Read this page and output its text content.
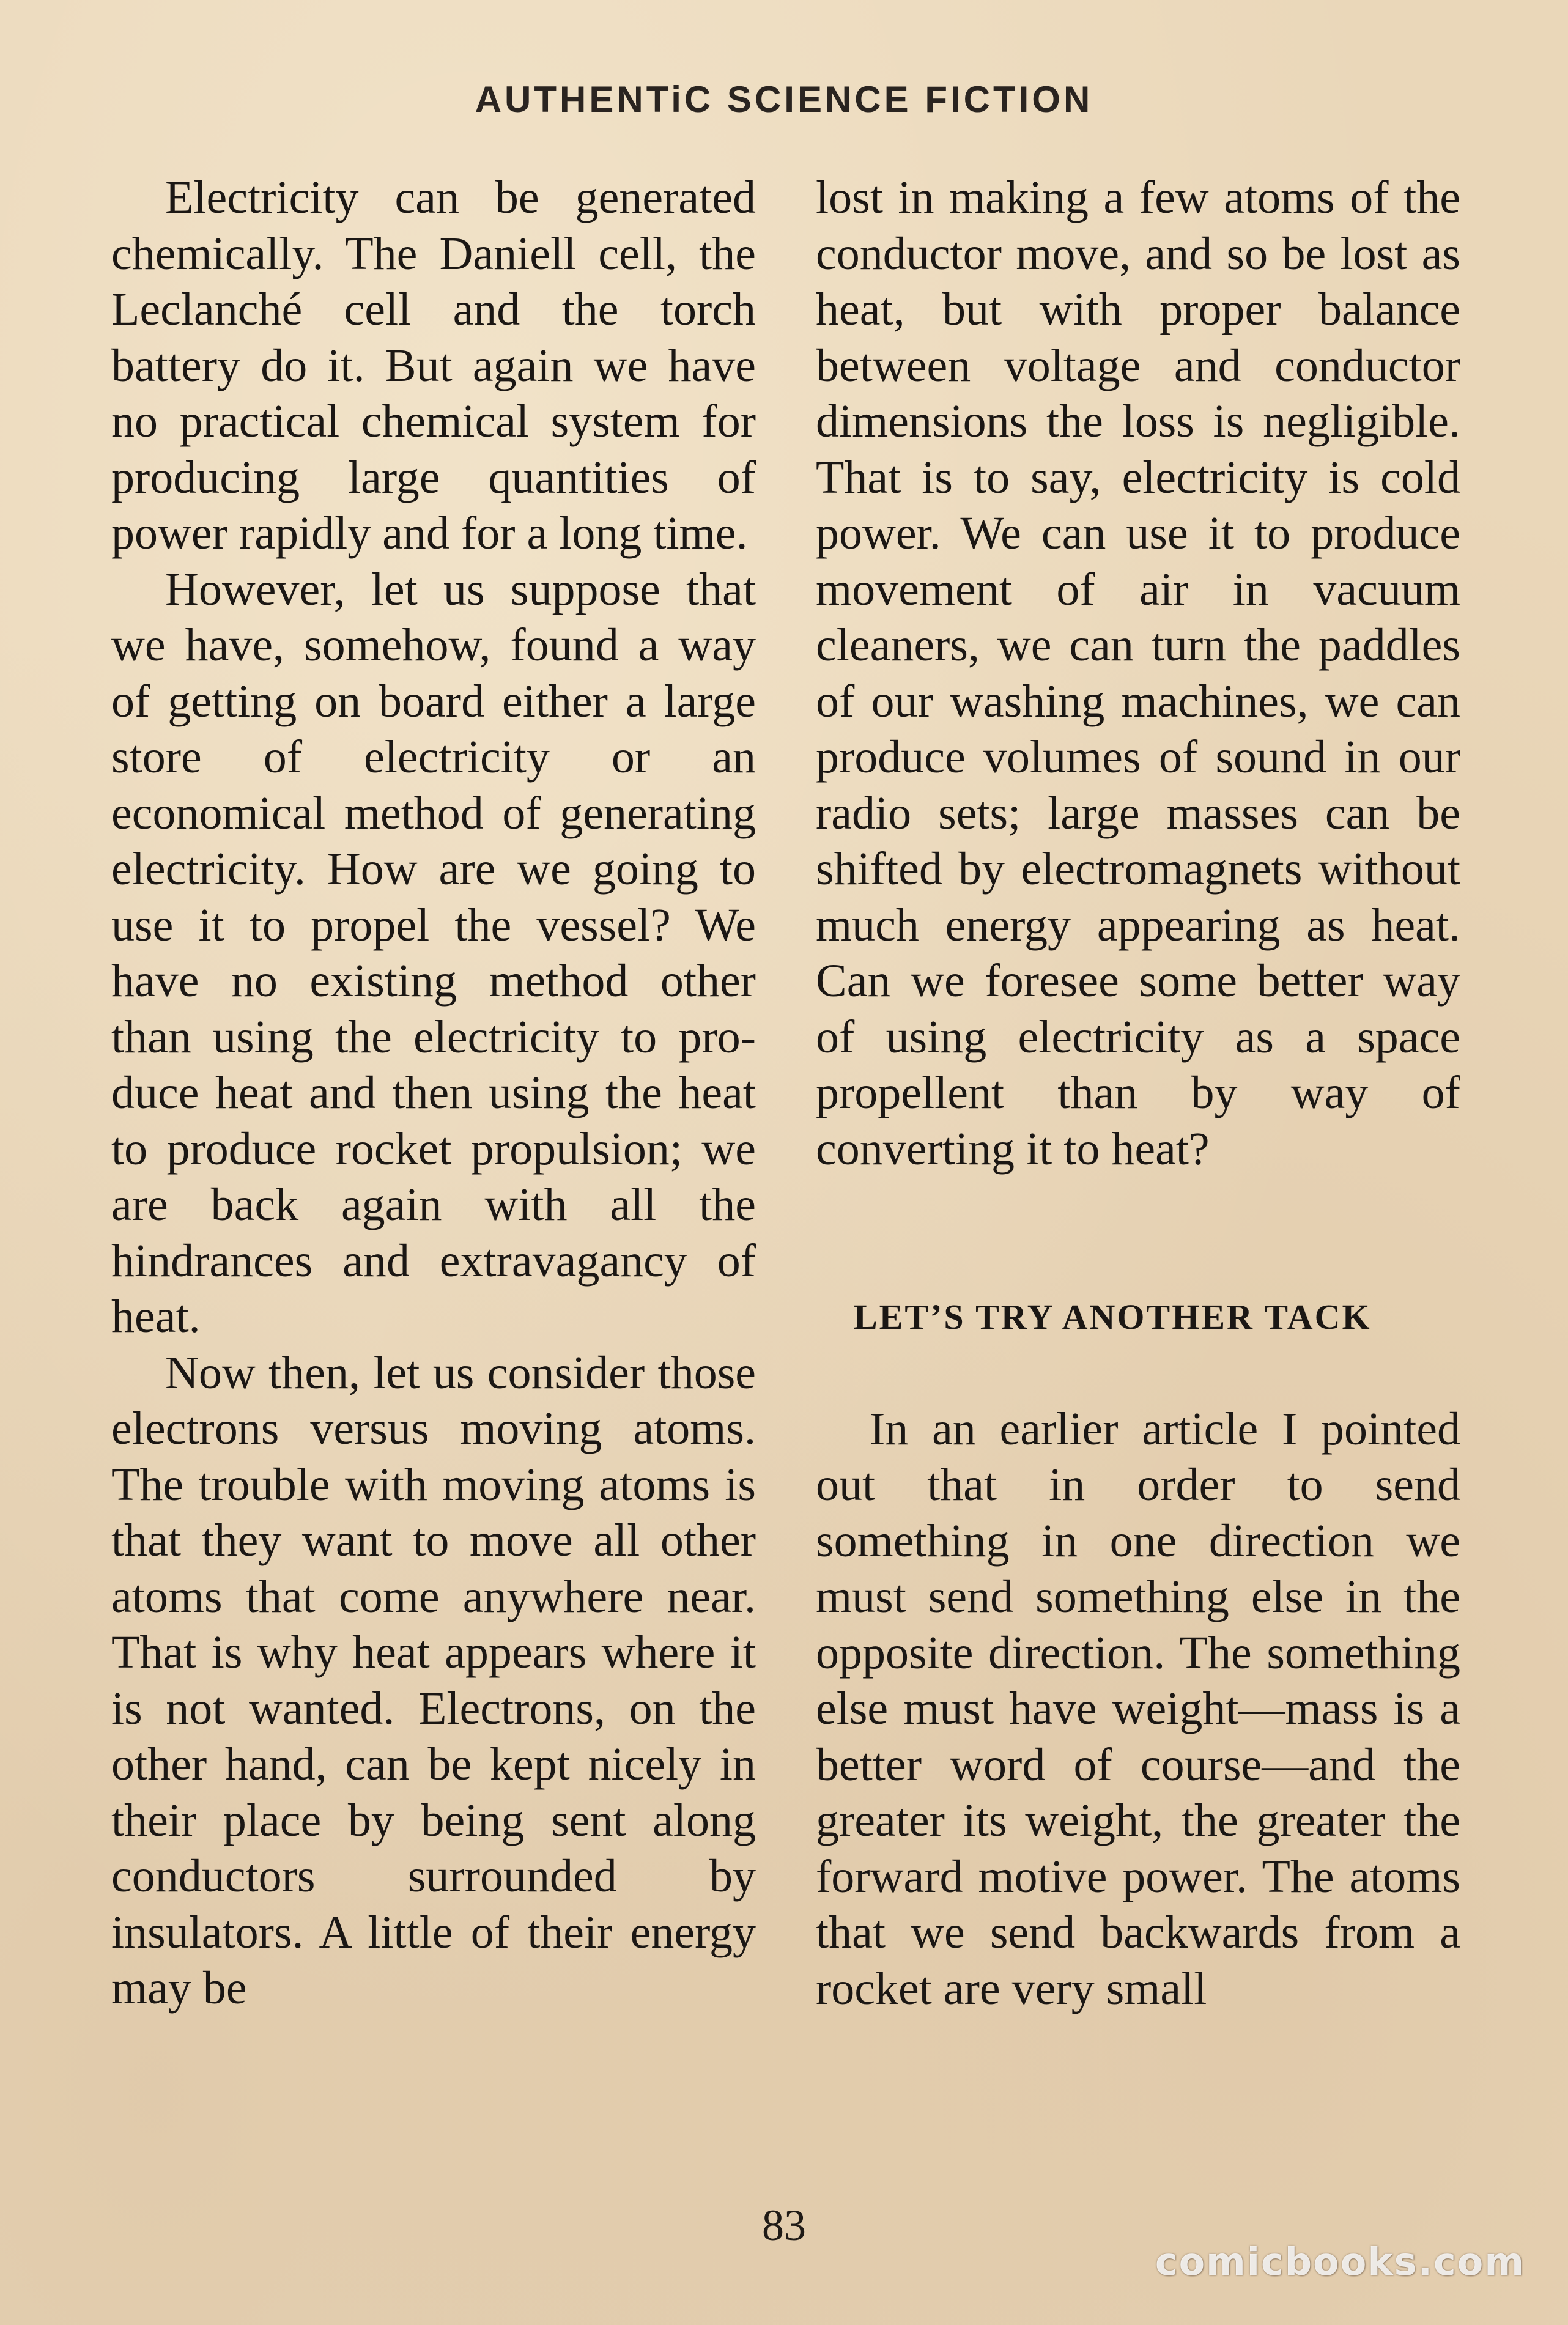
AUTHENTiC SCIENCE FICTION

Electricity can be generated chemically. The Daniell cell, the Leclanché cell and the torch battery do it. But again we have no practical chemical system for producing large quantities of power rapidly and for a long time.

However, let us suppose that we have, somehow, found a way of getting on board either a large store of electricity or an economical method of generating electricity. How are we going to use it to propel the vessel? We have no existing method other than using the electricity to produce heat and then using the heat to produce rocket propulsion; we are back again with all the hindrances and extravagancy of heat.

Now then, let us consider those electrons versus moving atoms. The trouble with moving atoms is that they want to move all other atoms that come anywhere near. That is why heat appears where it is not wanted. Electrons, on the other hand, can be kept nicely in their place by being sent along conductors surrounded by insulators. A little of their energy may be

lost in making a few atoms of the conductor move, and so be lost as heat, but with proper balance between voltage and conductor dimensions the loss is negligible. That is to say, electricity is cold power. We can use it to produce movement of air in vacuum cleaners, we can turn the paddles of our washing machines, we can produce volumes of sound in our radio sets; large masses can be shifted by electromagnets without much energy appearing as heat. Can we foresee some better way of using electricity as a space propellent than by way of converting it to heat?

LET’S TRY ANOTHER TACK

In an earlier article I pointed out that in order to send something in one direction we must send something else in the opposite direction. The something else must have weight—mass is a better word of course—and the greater its weight, the greater the forward motive power. The atoms that we send backwards from a rocket are very small

83
comicbooks.com
